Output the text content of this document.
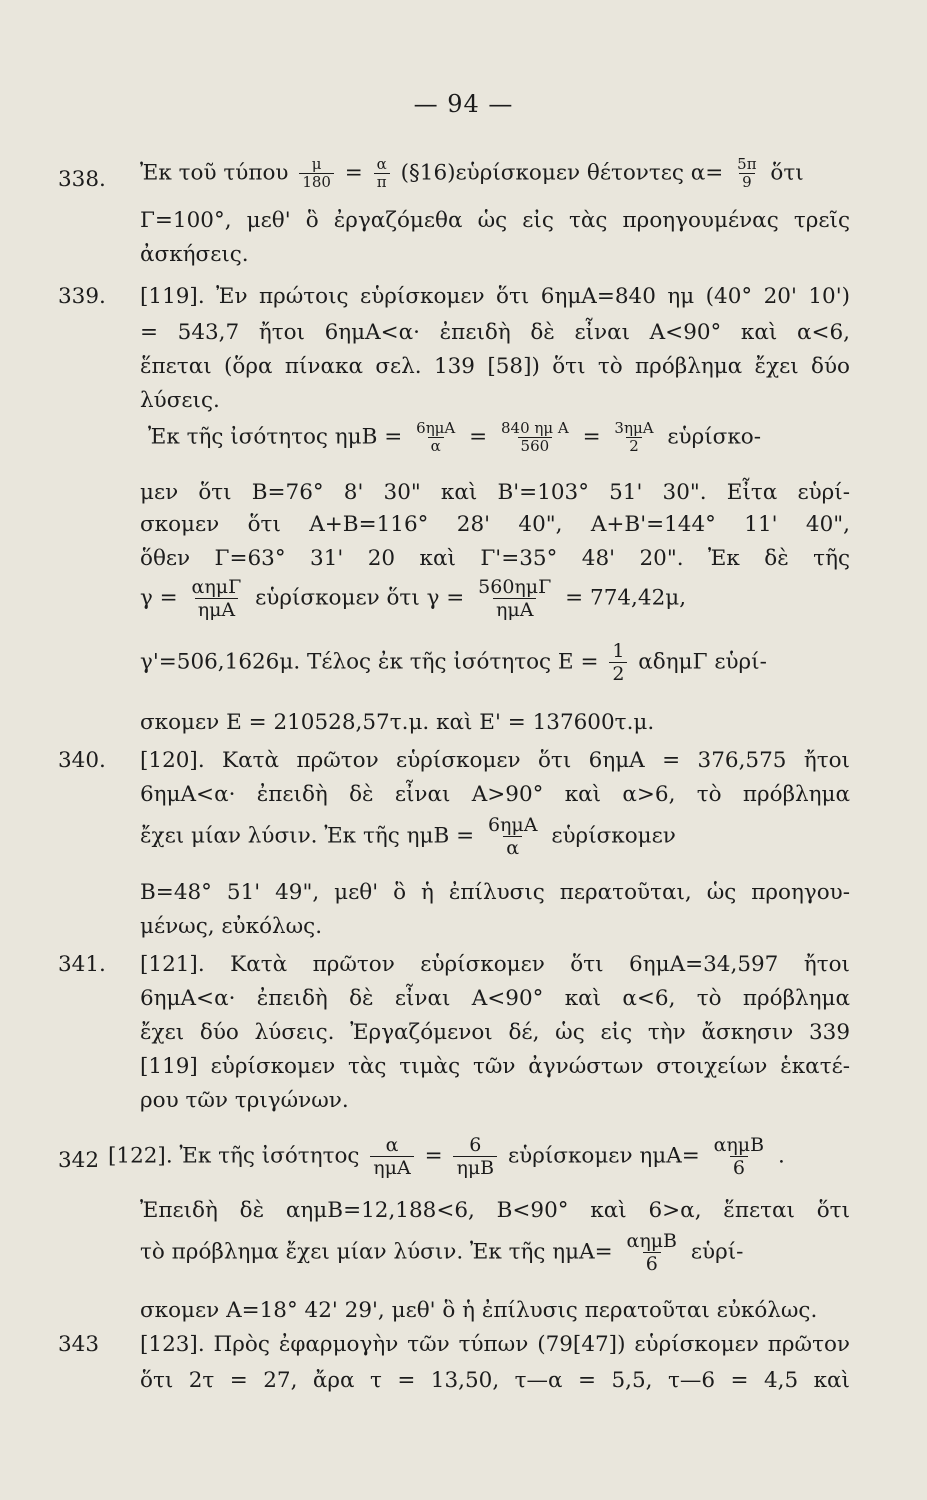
— 94 —
338.	Ἐκ τοῦ τύπου $\frac{\mu}{180} = \frac{\alpha}{\pi}$ (§16)εὑρίσκομεν θέτοντες $\alpha= \frac{5\pi}{9}$ ὅτι
Γ=100°, μεθ' ὃ ἐργαζόμεθα ὡς εἰς τὰς προηγουμένας τρεῖς
ἀσκήσεις.
339.	[119]. Ἐν πρώτοις εὑρίσκομεν ὅτι 6ημΑ=840 ημ (40° 20' 10')
= 543,7 ἤτοι 6ημΑ<α· ἐπειδὴ δὲ εἶναι Α<90° καὶ α<6,
ἕπεται (ὅρα πίνακα σελ. 139 [58]) ὅτι τὸ πρόβλημα ἔχει δύο
λύσεις.
Ἐκ τῆς ἰσότητος $\eta\mu B = \frac{\text{6ημΑ}}{\alpha} = \frac{\text{840 ημ Α}}{560} = \frac{\text{3ημΑ}}{2}$ εὑρίσκο-
μεν ὅτι Β=76° 8' 30" καὶ Β'=103° 51' 30". Εἶτα εὑρί-
σκομεν ὅτι Α+Β=116° 28' 40", Α+Β'=144° 11' 40",
ὅθεν Γ=63° 31' 20 καὶ Γ'=35° 48' 20". Ἐκ δὲ τῆς
$\gamma = \frac{\text{αημΓ}}{\text{ημΑ}}$ εὑρίσκομεν ὅτι $\gamma = \frac{\text{560ημΓ}}{\text{ημΑ}} = 774,42\mu$,
γ'=506,1626μ. Τέλος ἐκ τῆς ἰσότητος $E = \frac{1}{2}$ αδημΓ εὑρί-
σκομεν Ε = 210528,57τ.μ. καὶ Ε' = 137600τ.μ.
340.	[120]. Κατὰ πρῶτον εὑρίσκομεν ὅτι 6ημΑ = 376,575 ἤτοι
6ημΑ<α· ἐπειδὴ δὲ εἶναι Α>90° καὶ α>6, τὸ πρόβλημα
ἔχει μίαν λύσιν. Ἐκ τῆς $\eta\mu B = \frac{\text{6ημΑ}}{\alpha}$ εὑρίσκομεν
Β=48° 51' 49", μεθ' ὃ ἡ ἐπίλυσις περατοῦται, ὡς προηγου-
μένως, εὐκόλως.
341.	[121]. Κατὰ πρῶτον εὑρίσκομεν ὅτι 6ημΑ=34,597 ἤτοι
6ημΑ<α· ἐπειδὴ δὲ εἶναι Α<90° καὶ α<6, τὸ πρόβλημα
ἔχει δύο λύσεις. Ἐργαζόμενοι δέ, ὡς εἰς τὴν ἄσκησιν 339
[119] εὑρίσκομεν τὰς τιμὰς τῶν ἀγνώστων στοιχείων ἑκατέ-
ρου τῶν τριγώνων.
342 [122]. Ἐκ τῆς ἰσότητος $\frac{\alpha}{\text{ημΑ}} = \frac{6}{\text{ημΒ}}$ εὑρίσκομεν $\eta\mu A= \frac{\text{αημΒ}}{6}$ .
Ἐπειδὴ δὲ αημΒ=12,188<6, Β<90° καὶ 6>α, ἕπεται ὅτι
τὸ πρόβλημα ἔχει μίαν λύσιν. Ἐκ τῆς $\eta\mu A= \frac{\text{αημΒ}}{6}$ εὑρί-
σκομεν Α=18° 42' 29', μεθ' ὃ ἡ ἐπίλυσις περατοῦται εὐκόλως.
343	[123]. Πρὸς ἐφαρμογὴν τῶν τύπων (79[47]) εὑρίσκομεν πρῶτον
ὅτι 2τ = 27, ἄρα τ = 13,50, τ—α = 5,5, τ—6 = 4,5 καὶ
